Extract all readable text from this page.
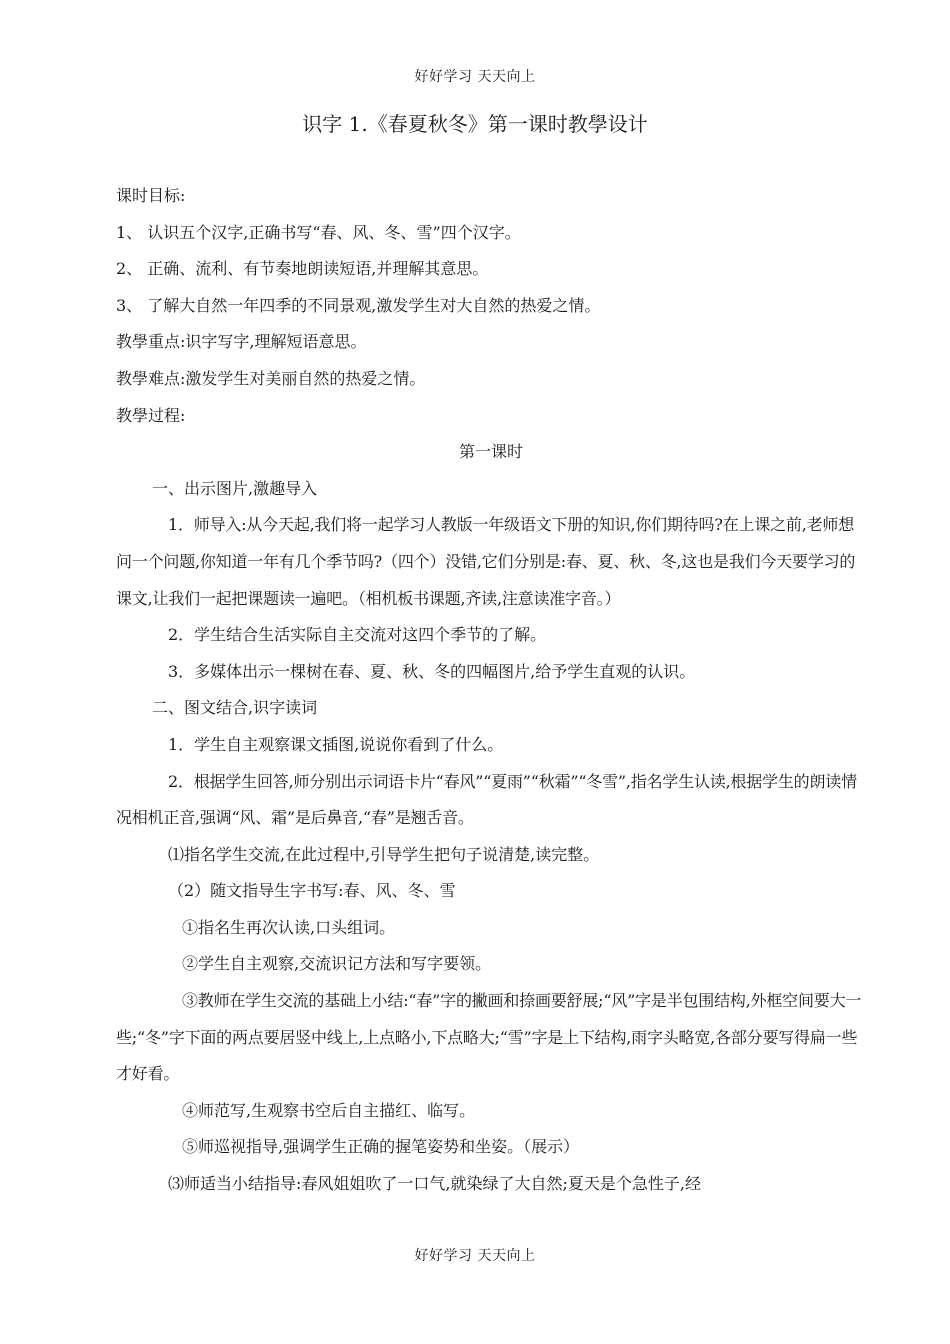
好好学习 天天向上
识字 1.《春夏秋冬》第一课时教學设计

课时目标:

1、 认识五个汉字,正确书写“春、风、冬、雪”四个汉字。

2、 正确、流利、有节奏地朗读短语,并理解其意思。

3、 了解大自然一年四季的不同景观,激发学生对大自然的热爱之情。

教學重点:识字写字,理解短语意思。

教學难点:激发学生对美丽自然的热爱之情。

教學过程:

第一课时

一、出示图片,激趣导入

1．师导入:从今天起,我们将一起学习人教版一年级语文下册的知识,你们期待吗?在上课之前,老师想问一个问题,你知道一年有几个季节吗?（四个）没错,它们分别是:春、夏、秋、冬,这也是我们今天要学习的课文,让我们一起把课题读一遍吧。（相机板书课题,齐读,注意读准字音。）

2．学生结合生活实际自主交流对这四个季节的了解。

3．多媒体出示一棵树在春、夏、秋、冬的四幅图片,给予学生直观的认识。

二、图文结合,识字读词

1．学生自主观察课文插图,说说你看到了什么。

2．根据学生回答,师分别出示词语卡片“春风”“夏雨”“秋霜”“冬雪”,指名学生认读,根据学生的朗读情况相机正音,强调“风、霜”是后鼻音,“春”是翘舌音。

⑴指名学生交流,在此过程中,引导学生把句子说清楚,读完整。

（2）随文指导生字书写:春、风、冬、雪

①指名生再次认读,口头组词。

②学生自主观察,交流识记方法和写字要领。

③教师在学生交流的基础上小结:“春”字的撇画和捺画要舒展;“风”字是半包围结构,外框空间要大一些;“冬”字下面的两点要居竖中线上,上点略小,下点略大;“雪”字是上下结构,雨字头略宽,各部分要写得扁一些才好看。

④师范写,生观察书空后自主描红、临写。

⑤师巡视指导,强调学生正确的握笔姿势和坐姿。（展示）

⑶师适当小结指导:春风姐姐吹了一口气,就染绿了大自然;夏天是个急性子,经

好好学习 天天向上
